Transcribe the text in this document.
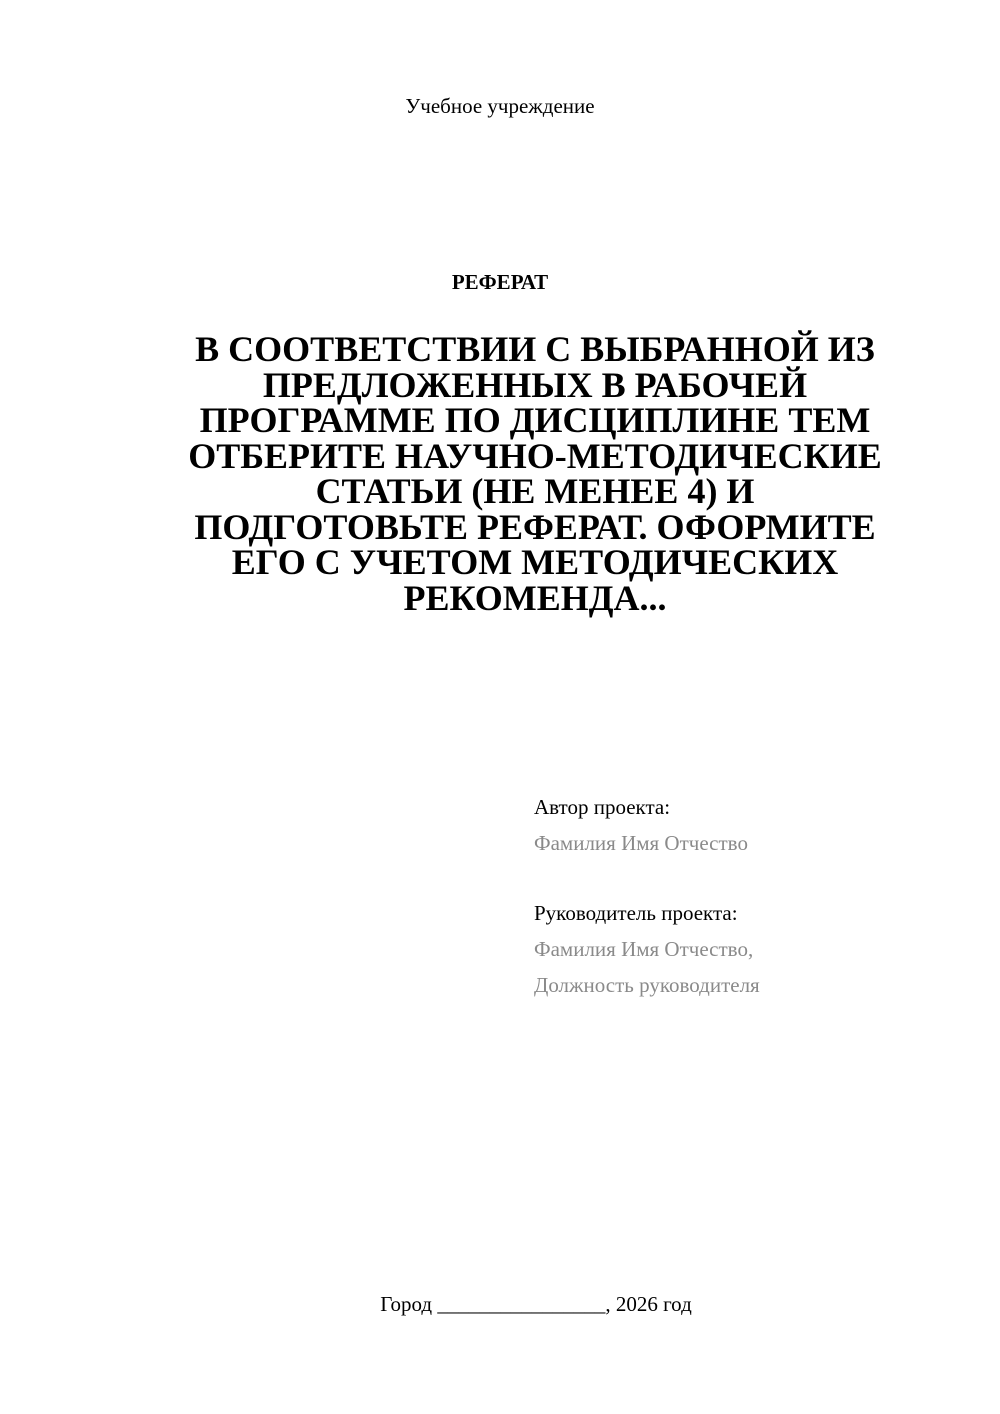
Учебное учреждение
РЕФЕРАТ
В СООТВЕТСТВИИ С ВЫБРАННОЙ ИЗ
ПРЕДЛОЖЕННЫХ В РАБОЧЕЙ
ПРОГРАММЕ ПО ДИСЦИПЛИНЕ ТЕМ
ОТБЕРИТЕ НАУЧНО-МЕТОДИЧЕСКИЕ
СТАТЬИ (НЕ МЕНЕЕ 4) И
ПОДГОТОВЬТЕ РЕФЕРАТ. ОФОРМИТЕ
ЕГО С УЧЕТОМ МЕТОДИЧЕСКИХ
РЕКОМЕНДА...
Автор проекта:
Фамилия Имя Отчество
Руководитель проекта:
Фамилия Имя Отчество,
Должность руководителя
Город ________________, 2026 год
